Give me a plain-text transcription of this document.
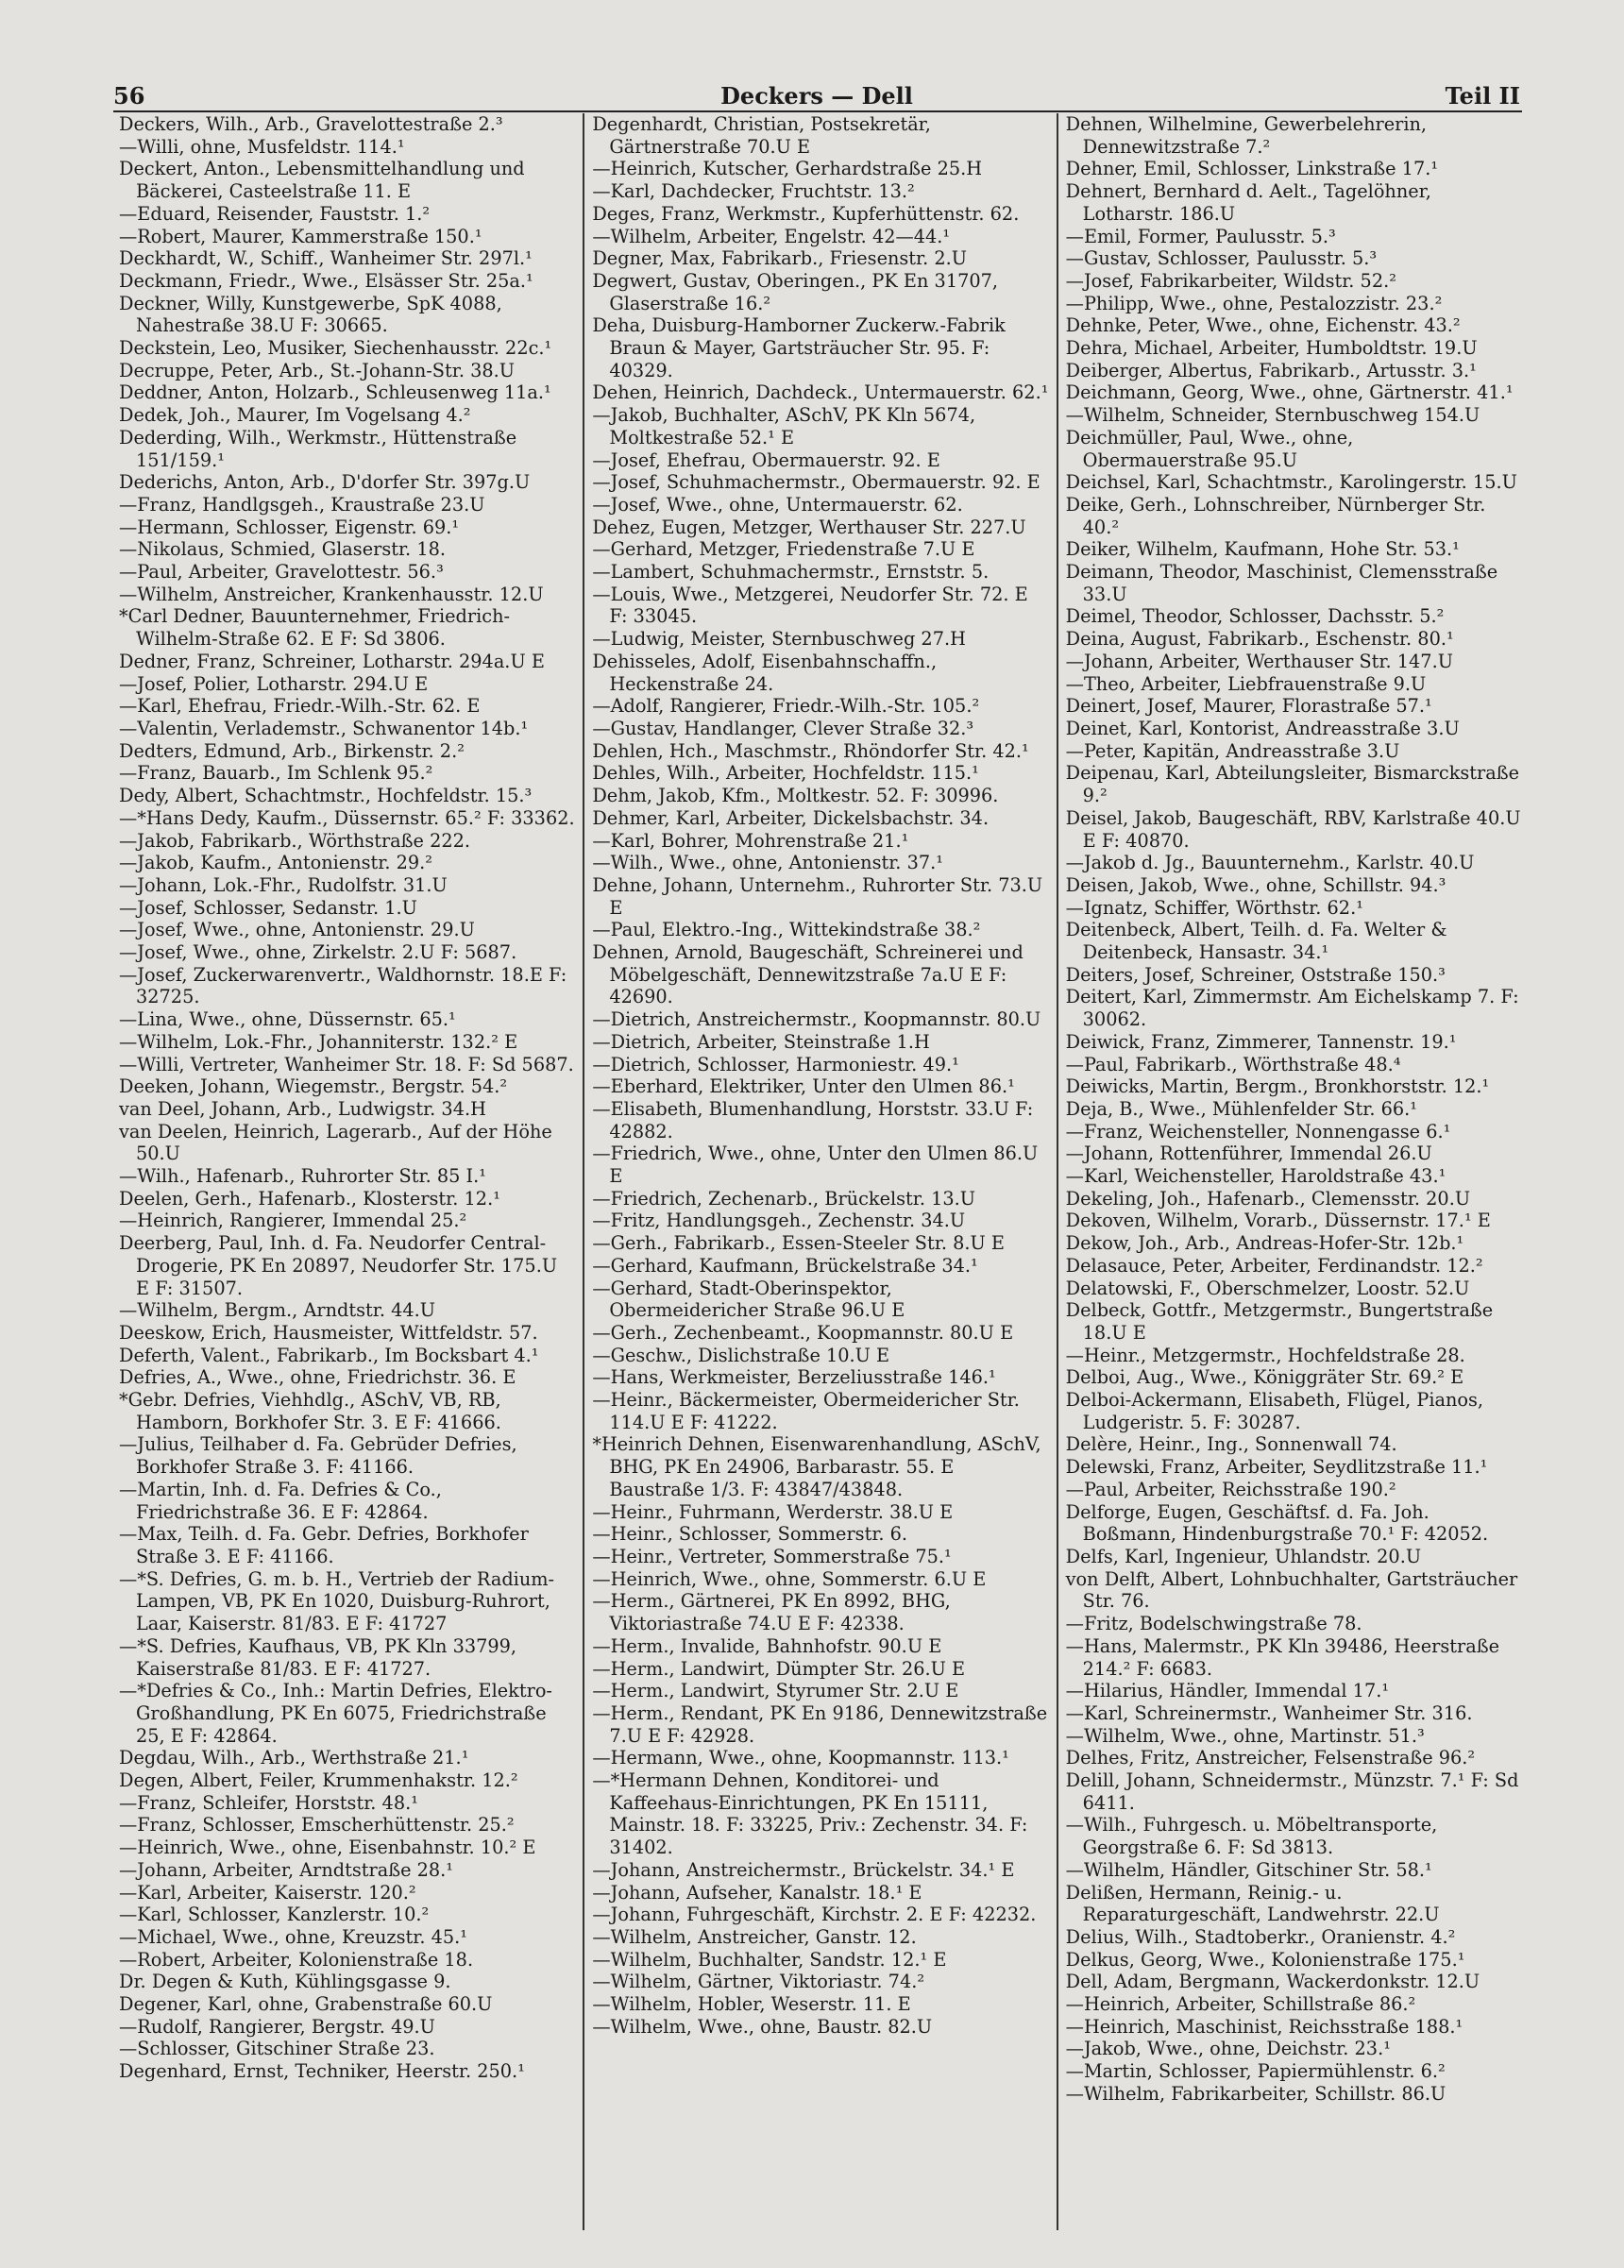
56	Deckers — Dell	Teil II
Deckers, Wilh., Arb., Gravelottestraße 2.³
—Willi, ohne, Musfeldstr. 114.¹
Deckert, Anton., Lebensmittelhandlung und Bäckerei, Casteelstraße 11. E
—Eduard, Reisender, Fauststr. 1.²
—Robert, Maurer, Kammerstraße 150.¹
Deckhardt, W., Schiff., Wanheimer Str. 297l.¹
Deckmann, Friedr., Wwe., Elsässer Str. 25a.¹
Deckner, Willy, Kunstgewerbe, SpK 4088, Nahestraße 38.U F: 30665.
Deckstein, Leo, Musiker, Siechenhausstr. 22c.¹
Decruppe, Peter, Arb., St.-Johann-Str. 38.U
Deddner, Anton, Holzarb., Schleusenweg 11a.¹
Dedek, Joh., Maurer, Im Vogelsang 4.²
Dederding, Wilh., Werkmstr., Hüttenstraße 151/159.¹
Dederichs, Anton, Arb., D'dorfer Str. 397g.U
—Franz, Handlgsgeh., Kraustraße 23.U
—Hermann, Schlosser, Eigenstr. 69.¹
—Nikolaus, Schmied, Glaserstr. 18.
—Paul, Arbeiter, Gravelottestr. 56.³
—Wilhelm, Anstreicher, Krankenhausstr. 12.U
*Carl Dedner, Bauunternehmer, Friedrich-Wilhelm-Straße 62. E F: Sd 3806.
Dedner, Franz, Schreiner, Lotharstr. 294a.U E
—Josef, Polier, Lotharstr. 294.U E
—Karl, Ehefrau, Friedr.-Wilh.-Str. 62. E
—Valentin, Verlademstr., Schwanentor 14b.¹
Dedters, Edmund, Arb., Birkenstr. 2.²
—Franz, Bauarb., Im Schlenk 95.²
Dedy, Albert, Schachtmstr., Hochfeldstr. 15.³
—*Hans Dedy, Kaufm., Düssernstr. 65.² F: 33362.
—Jakob, Fabrikarb., Wörthstraße 222.
—Jakob, Kaufm., Antonienstr. 29.²
—Johann, Lok.-Fhr., Rudolfstr. 31.U
—Josef, Schlosser, Sedanstr. 1.U
—Josef, Wwe., ohne, Antonienstr. 29.U
—Josef, Wwe., ohne, Zirkelstr. 2.U F: 5687.
—Josef, Zuckerwarenvertr., Waldhornstr. 18.E F: 32725.
—Lina, Wwe., ohne, Düssernstr. 65.¹
—Wilhelm, Lok.-Fhr., Johanniterstr. 132.² E
—Willi, Vertreter, Wanheimer Str. 18. F: Sd 5687.
Deeken, Johann, Wiegemstr., Bergstr. 54.²
van Deel, Johann, Arb., Ludwigstr. 34.H
van Deelen, Heinrich, Lagerarb., Auf der Höhe 50.U
—Wilh., Hafenarb., Ruhrorter Str. 85 I.¹
Deelen, Gerh., Hafenarb., Klosterstr. 12.¹
—Heinrich, Rangierer, Immendal 25.²
Deerberg, Paul, Inh. d. Fa. Neudorfer Central-Drogerie, PK En 20897, Neudorfer Str. 175.U E F: 31507.
—Wilhelm, Bergm., Arndtstr. 44.U
Deeskow, Erich, Hausmeister, Wittfeldstr. 57.
Deferth, Valent., Fabrikarb., Im Bocksbart 4.¹
Defries, A., Wwe., ohne, Friedrichstr. 36. E
*Gebr. Defries, Viehhdlg., ASchV, VB, RB, Hamborn, Borkhofer Str. 3. E F: 41666.
—Julius, Teilhaber d. Fa. Gebrüder Defries, Borkhofer Straße 3. F: 41166.
—Martin, Inh. d. Fa. Defries & Co., Friedrichstraße 36. E F: 42864.
—Max, Teilh. d. Fa. Gebr. Defries, Borkhofer Straße 3. E F: 41166.
—*S. Defries, G. m. b. H., Vertrieb der Radium-Lampen, VB, PK En 1020, Duisburg-Ruhrort, Laar, Kaiserstr. 81/83. E F: 41727
—*S. Defries, Kaufhaus, VB, PK Kln 33799, Kaiserstraße 81/83. E F: 41727.
—*Defries & Co., Inh.: Martin Defries, Elektro-Großhandlung, PK En 6075, Friedrichstraße 25, E F: 42864.
Degdau, Wilh., Arb., Werthstraße 21.¹
Degen, Albert, Feiler, Krummenhakstr. 12.²
—Franz, Schleifer, Horststr. 48.¹
—Franz, Schlosser, Emscherhüttenstr. 25.²
—Heinrich, Wwe., ohne, Eisenbahnstr. 10.² E
—Johann, Arbeiter, Arndtstraße 28.¹
—Karl, Arbeiter, Kaiserstr. 120.²
—Karl, Schlosser, Kanzlerstr. 10.²
—Michael, Wwe., ohne, Kreuzstr. 45.¹
—Robert, Arbeiter, Kolonienstraße 18.
Dr. Degen & Kuth, Kühlingsgasse 9.
Degener, Karl, ohne, Grabenstraße 60.U
—Rudolf, Rangierer, Bergstr. 49.U
—Schlosser, Gitschiner Straße 23.
Degenhard, Ernst, Techniker, Heerstr. 250.¹
Degenhardt, Christian, Postsekretär, Gärtnerstraße 70.U E
—Heinrich, Kutscher, Gerhardstraße 25.H
—Karl, Dachdecker, Fruchtstr. 13.²
Deges, Franz, Werkmstr., Kupferhüttenstr. 62.
—Wilhelm, Arbeiter, Engelstr. 42—44.¹
Degner, Max, Fabrikarb., Friesenstr. 2.U
Degwert, Gustav, Oberingen., PK En 31707, Glaserstraße 16.²
Deha, Duisburg-Hamborner Zuckerw.-Fabrik Braun & Mayer, Gartsträucher Str. 95. F: 40329.
Dehen, Heinrich, Dachdeck., Untermauerstr. 62.¹
—Jakob, Buchhalter, ASchV, PK Kln 5674, Moltkestraße 52.¹ E
—Josef, Ehefrau, Obermauerstr. 92. E
—Josef, Schuhmachermstr., Obermauerstr. 92. E
—Josef, Wwe., ohne, Untermauerstr. 62.
Dehez, Eugen, Metzger, Werthauser Str. 227.U
—Gerhard, Metzger, Friedenstraße 7.U E
—Lambert, Schuhmachermstr., Ernststr. 5.
—Louis, Wwe., Metzgerei, Neudorfer Str. 72. E F: 33045.
—Ludwig, Meister, Sternbuschweg 27.H
Dehisseles, Adolf, Eisenbahnschaffn., Heckenstraße 24.
—Adolf, Rangierer, Friedr.-Wilh.-Str. 105.²
—Gustav, Handlanger, Clever Straße 32.³
Dehlen, Hch., Maschmstr., Rhöndorfer Str. 42.¹
Dehles, Wilh., Arbeiter, Hochfeldstr. 115.¹
Dehm, Jakob, Kfm., Moltkestr. 52. F: 30996.
Dehmer, Karl, Arbeiter, Dickelsbachstr. 34.
—Karl, Bohrer, Mohrenstraße 21.¹
—Wilh., Wwe., ohne, Antonienstr. 37.¹
Dehne, Johann, Unternehm., Ruhrorter Str. 73.U E
—Paul, Elektro.-Ing., Wittekindstraße 38.²
Dehnen, Arnold, Baugeschäft, Schreinerei und Möbelgeschäft, Dennewitzstraße 7a.U E F: 42690.
—Dietrich, Anstreichermstr., Koopmannstr. 80.U
—Dietrich, Arbeiter, Steinstraße 1.H
—Dietrich, Schlosser, Harmoniestr. 49.¹
—Eberhard, Elektriker, Unter den Ulmen 86.¹
—Elisabeth, Blumenhandlung, Horststr. 33.U F: 42882.
—Friedrich, Wwe., ohne, Unter den Ulmen 86.U E
—Friedrich, Zechenarb., Brückelstr. 13.U
—Fritz, Handlungsgeh., Zechenstr. 34.U
—Gerh., Fabrikarb., Essen-Steeler Str. 8.U E
—Gerhard, Kaufmann, Brückelstraße 34.¹
—Gerhard, Stadt-Oberinspektor, Obermeidericher Straße 96.U E
—Gerh., Zechenbeamt., Koopmannstr. 80.U E
—Geschw., Dislichstraße 10.U E
—Hans, Werkmeister, Berzeliusstraße 146.¹
—Heinr., Bäckermeister, Obermeidericher Str. 114.U E F: 41222.
*Heinrich Dehnen, Eisenwarenhandlung, ASchV, BHG, PK En 24906, Barbarastr. 55. E Baustraße 1/3. F: 43847/43848.
—Heinr., Fuhrmann, Werderstr. 38.U E
—Heinr., Schlosser, Sommerstr. 6.
—Heinr., Vertreter, Sommerstraße 75.¹
—Heinrich, Wwe., ohne, Sommerstr. 6.U E
—Herm., Gärtnerei, PK En 8992, BHG, Viktoriastraße 74.U E F: 42338.
—Herm., Invalide, Bahnhofstr. 90.U E
—Herm., Landwirt, Dümpter Str. 26.U E
—Herm., Landwirt, Styrumer Str. 2.U E
—Herm., Rendant, PK En 9186, Dennewitzstraße 7.U E F: 42928.
—Hermann, Wwe., ohne, Koopmannstr. 113.¹
—*Hermann Dehnen, Konditorei- und Kaffeehaus-Einrichtungen, PK En 15111, Mainstr. 18. F: 33225, Priv.: Zechenstr. 34. F: 31402.
—Johann, Anstreichermstr., Brückelstr. 34.¹ E
—Johann, Aufseher, Kanalstr. 18.¹ E
—Johann, Fuhrgeschäft, Kirchstr. 2. E F: 42232.
—Wilhelm, Anstreicher, Ganstr. 12.
—Wilhelm, Buchhalter, Sandstr. 12.¹ E
—Wilhelm, Gärtner, Viktoriastr. 74.²
—Wilhelm, Hobler, Weserstr. 11. E
—Wilhelm, Wwe., ohne, Baustr. 82.U
Dehnen, Wilhelmine, Gewerbelehrerin, Dennewitzstraße 7.²
Dehner, Emil, Schlosser, Linkstraße 17.¹
Dehnert, Bernhard d. Aelt., Tagelöhner, Lotharstr. 186.U
—Emil, Former, Paulusstr. 5.³
—Gustav, Schlosser, Paulusstr. 5.³
—Josef, Fabrikarbeiter, Wildstr. 52.²
—Philipp, Wwe., ohne, Pestalozzistr. 23.²
Dehnke, Peter, Wwe., ohne, Eichenstr. 43.²
Dehra, Michael, Arbeiter, Humboldtstr. 19.U
Deiberger, Albertus, Fabrikarb., Artusstr. 3.¹
Deichmann, Georg, Wwe., ohne, Gärtnerstr. 41.¹
—Wilhelm, Schneider, Sternbuschweg 154.U
Deichmüller, Paul, Wwe., ohne, Obermauerstraße 95.U
Deichsel, Karl, Schachtmstr., Karolingerstr. 15.U
Deike, Gerh., Lohnschreiber, Nürnberger Str. 40.²
Deiker, Wilhelm, Kaufmann, Hohe Str. 53.¹
Deimann, Theodor, Maschinist, Clemensstraße 33.U
Deimel, Theodor, Schlosser, Dachsstr. 5.²
Deina, August, Fabrikarb., Eschenstr. 80.¹
—Johann, Arbeiter, Werthauser Str. 147.U
—Theo, Arbeiter, Liebfrauenstraße 9.U
Deinert, Josef, Maurer, Florastraße 57.¹
Deinet, Karl, Kontorist, Andreasstraße 3.U
—Peter, Kapitän, Andreasstraße 3.U
Deipenau, Karl, Abteilungsleiter, Bismarckstraße 9.²
Deisel, Jakob, Baugeschäft, RBV, Karlstraße 40.U E F: 40870.
—Jakob d. Jg., Bauunternehm., Karlstr. 40.U
Deisen, Jakob, Wwe., ohne, Schillstr. 94.³
—Ignatz, Schiffer, Wörthstr. 62.¹
Deitenbeck, Albert, Teilh. d. Fa. Welter & Deitenbeck, Hansastr. 34.¹
Deiters, Josef, Schreiner, Oststraße 150.³
Deitert, Karl, Zimmermstr. Am Eichelskamp 7. F: 30062.
Deiwick, Franz, Zimmerer, Tannenstr. 19.¹
—Paul, Fabrikarb., Wörthstraße 48.⁴
Deiwicks, Martin, Bergm., Bronkhorststr. 12.¹
Deja, B., Wwe., Mühlenfelder Str. 66.¹
—Franz, Weichensteller, Nonnengasse 6.¹
—Johann, Rottenführer, Immendal 26.U
—Karl, Weichensteller, Haroldstraße 43.¹
Dekeling, Joh., Hafenarb., Clemensstr. 20.U
Dekoven, Wilhelm, Vorarb., Düssernstr. 17.¹ E
Dekow, Joh., Arb., Andreas-Hofer-Str. 12b.¹
Delasauce, Peter, Arbeiter, Ferdinandstr. 12.²
Delatowski, F., Oberschmelzer, Loostr. 52.U
Delbeck, Gottfr., Metzgermstr., Bungertstraße 18.U E
—Heinr., Metzgermstr., Hochfeldstraße 28.
Delboi, Aug., Wwe., Königgräter Str. 69.² E
Delboi-Ackermann, Elisabeth, Flügel, Pianos, Ludgeristr. 5. F: 30287.
Delère, Heinr., Ing., Sonnenwall 74.
Delewski, Franz, Arbeiter, Seydlitzstraße 11.¹
—Paul, Arbeiter, Reichsstraße 190.²
Delforge, Eugen, Geschäftsf. d. Fa. Joh. Boßmann, Hindenburgstraße 70.¹ F: 42052.
Delfs, Karl, Ingenieur, Uhlandstr. 20.U
von Delft, Albert, Lohnbuchhalter, Gartsträucher Str. 76.
—Fritz, Bodelschwingstraße 78.
—Hans, Malermstr., PK Kln 39486, Heerstraße 214.² F: 6683.
—Hilarius, Händler, Immendal 17.¹
—Karl, Schreinermstr., Wanheimer Str. 316.
—Wilhelm, Wwe., ohne, Martinstr. 51.³
Delhes, Fritz, Anstreicher, Felsenstraße 96.²
Delill, Johann, Schneidermstr., Münzstr. 7.¹ F: Sd 6411.
—Wilh., Fuhrgesch. u. Möbeltransporte, Georgstraße 6. F: Sd 3813.
—Wilhelm, Händler, Gitschiner Str. 58.¹
Delißen, Hermann, Reinig.- u. Reparaturgeschäft, Landwehrstr. 22.U
Delius, Wilh., Stadtoberkr., Oranienstr. 4.²
Delkus, Georg, Wwe., Kolonienstraße 175.¹
Dell, Adam, Bergmann, Wackerdonkstr. 12.U
—Heinrich, Arbeiter, Schillstraße 86.²
—Heinrich, Maschinist, Reichsstraße 188.¹
—Jakob, Wwe., ohne, Deichstr. 23.¹
—Martin, Schlosser, Papiermühlenstr. 6.²
—Wilhelm, Fabrikarbeiter, Schillstr. 86.U
